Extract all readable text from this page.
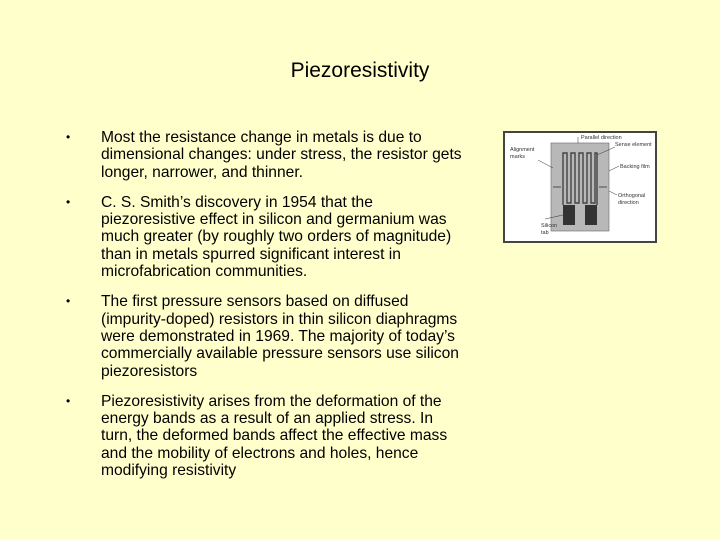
Piezoresistivity
•	Most the resistance change in metals is due to dimensional changes: under stress, the resistor gets longer, narrower, and thinner.
•	C. S. Smith’s discovery in 1954 that the piezoresistive effect in silicon and germanium was much greater (by roughly two orders of magnitude) than in metals spurred significant interest in microfabrication communities.
•	The first pressure sensors based on diffused (impurity-doped) resistors in thin silicon diaphragms were demonstrated in 1969. The majority of today’s commercially available pressure sensors use silicon piezoresistors
•	Piezoresistivity arises from the deformation of the energy bands as a result of an applied stress. In turn, the deformed bands affect the effective mass and the mobility of electrons and holes, hence modifying resistivity
Parallel direction
Sense element
Alignment
marks
Backing film
Orthogonal
direction
Silicon
tab
